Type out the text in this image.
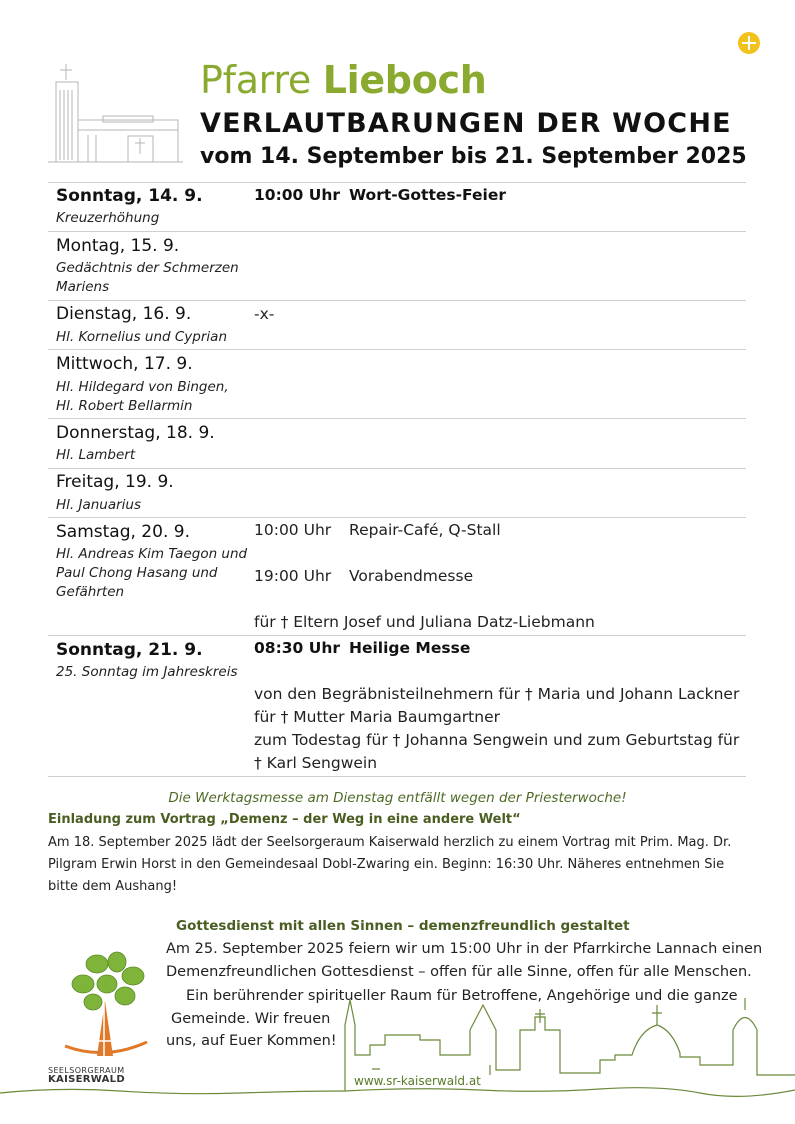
Pfarre Lieboch
VERLAUTBARUNGEN DER WOCHE
vom 14. September bis 21. September 2025
Sonntag, 14. 9.
Kreuzerhöhung
10:00 Uhr Wort-Gottes-Feier
Montag, 15. 9.
Gedächtnis der Schmerzen Mariens
Dienstag, 16. 9.
Hl. Kornelius und Cyprian
-x-
Mittwoch, 17. 9.
Hl. Hildegard von Bingen,
Hl. Robert Bellarmin
Donnerstag, 18. 9.
Hl. Lambert
Freitag, 19. 9.
Hl. Januarius
Samstag, 20. 9.
Hl. Andreas Kim Taegon und Paul Chong Hasang und Gefährten
10:00 Uhr Repair-Café, Q-Stall
19:00 Uhr Vorabendmesse
für † Eltern Josef und Juliana Datz-Liebmann
Sonntag, 21. 9.
25. Sonntag im Jahreskreis
08:30 Uhr Heilige Messe
von den Begräbnisteilnehmern für † Maria und Johann Lackner
für † Mutter Maria Baumgartner
zum Todestag für † Johanna Sengwein und zum Geburtstag für
† Karl Sengwein
Die Werktagsmesse am Dienstag entfällt wegen der Priesterwoche!
Einladung zum Vortrag „Demenz – der Weg in eine andere Welt“
Am 18. September 2025 lädt der Seelsorgeraum Kaiserwald herzlich zu einem Vortrag mit Prim. Mag. Dr. Pilgram Erwin Horst in den Gemeindesaal Dobl-Zwaring ein. Beginn: 16:30 Uhr. Näheres entnehmen Sie bitte dem Aushang!
Gottesdienst mit allen Sinnen – demenzfreundlich gestaltet
Am 25. September 2025 feiern wir um 15:00 Uhr in der Pfarrkirche Lannach einen
Demenzfreundlichen Gottesdienst – offen für alle Sinne, offen für alle Menschen.
Ein berührender spiritueller Raum für Betroffene, Angehörige und die ganze
Gemeinde. Wir freuen
uns, auf Euer Kommen!
SEELSORGERAUM
KAISERWALD	www.sr-kaiserwald.at
